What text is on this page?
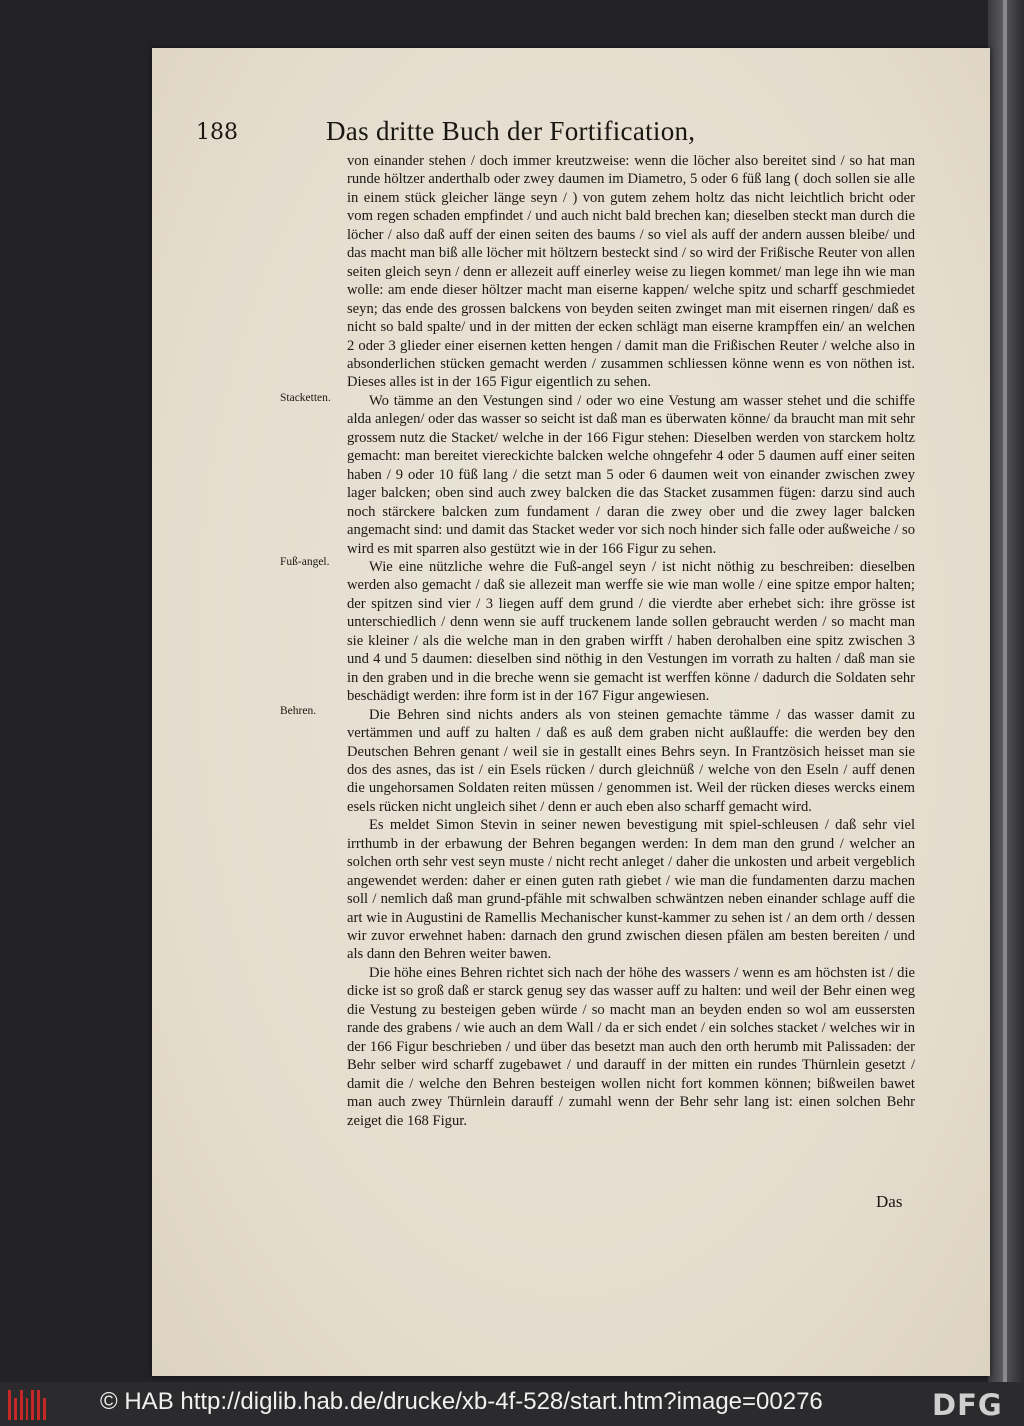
188	Das dritte Buch der Fortification,
Stacketten.
Fuß-angel.
Behren.

von einander stehen / doch immer kreutzweise: wenn die löcher also bereitet sind / so hat man runde höltzer anderthalb oder zwey daumen im Diametro, 5 oder 6 füß lang ( doch sollen sie alle in einem stück gleicher länge seyn / ) von gutem zehem holtz das nicht leichtlich bricht oder vom regen schaden empfindet / und auch nicht bald brechen kan; dieselben steckt man durch die löcher / also daß auff der einen seiten des baums / so viel als auff der andern aussen bleibe/ und das macht man biß alle löcher mit höltzern besteckt sind / so wird der Frißische Reuter von allen seiten gleich seyn / denn er allezeit auff einerley weise zu liegen kommet/ man lege ihn wie man wolle: am ende dieser höltzer macht man eiserne kappen/ welche spitz und scharff geschmiedet seyn; das ende des grossen balckens von beyden seiten zwinget man mit eisernen ringen/ daß es nicht so bald spalte/ und in der mitten der ecken schlägt man eiserne krampffen ein/ an welchen 2 oder 3 glieder einer eisernen ketten hengen / damit man die Frißischen Reuter / welche also in absonderlichen stücken gemacht werden / zusammen schliessen könne wenn es von nöthen ist. Dieses alles ist in der 165 Figur eigentlich zu sehen.

Wo tämme an den Vestungen sind / oder wo eine Vestung am wasser stehet und die schiffe alda anlegen/ oder das wasser so seicht ist daß man es überwaten könne/ da braucht man mit sehr grossem nutz die Stacket/ welche in der 166 Figur stehen: Dieselben werden von starckem holtz gemacht: man bereitet viereckichte balcken welche ohngefehr 4 oder 5 daumen auff einer seiten haben / 9 oder 10 füß lang / die setzt man 5 oder 6 daumen weit von einander zwischen zwey lager balcken; oben sind auch zwey balcken die das Stacket zusammen fügen: darzu sind auch noch stärckere balcken zum fundament / daran die zwey ober und die zwey lager balcken angemacht sind: und damit das Stacket weder vor sich noch hinder sich falle oder außweiche / so wird es mit sparren also gestützt wie in der 166 Figur zu sehen.

Wie eine nützliche wehre die Fuß-angel seyn / ist nicht nöthig zu beschreiben: dieselben werden also gemacht / daß sie allezeit man werffe sie wie man wolle / eine spitze empor halten; der spitzen sind vier / 3 liegen auff dem grund / die vierdte aber erhebet sich: ihre grösse ist unterschiedlich / denn wenn sie auff truckenem lande sollen gebraucht werden / so macht man sie kleiner / als die welche man in den graben wirfft / haben derohalben eine spitz zwischen 3 und 4 und 5 daumen: dieselben sind nöthig in den Vestungen im vorrath zu halten / daß man sie in den graben und in die breche wenn sie gemacht ist werffen könne / dadurch die Soldaten sehr beschädigt werden: ihre form ist in der 167 Figur angewiesen.

Die Behren sind nichts anders als von steinen gemachte tämme / das wasser damit zu vertämmen und auff zu halten / daß es auß dem graben nicht außlauffe: die werden bey den Deutschen Behren genant / weil sie in gestallt eines Behrs seyn. In Frantzösich heisset man sie dos des asnes, das ist / ein Esels rücken / durch gleichnüß / welche von den Eseln / auff denen die ungehorsamen Soldaten reiten müssen / genommen ist. Weil der rücken dieses wercks einem esels rücken nicht ungleich sihet / denn er auch eben also scharff gemacht wird.

Es meldet Simon Stevin in seiner newen bevestigung mit spiel-schleusen / daß sehr viel irrthumb in der erbawung der Behren begangen werden: In dem man den grund / welcher an solchen orth sehr vest seyn muste / nicht recht anleget / daher die unkosten und arbeit vergeblich angewendet werden: daher er einen guten rath giebet / wie man die fundamenten darzu machen soll / nemlich daß man grund-pfähle mit schwalben schwäntzen neben einander schlage auff die art wie in Augustini de Ramellis Mechanischer kunst-kammer zu sehen ist / an dem orth / dessen wir zuvor erwehnet haben: darnach den grund zwischen diesen pfälen am besten bereiten / und als dann den Behren weiter bawen.

Die höhe eines Behren richtet sich nach der höhe des wassers / wenn es am höchsten ist / die dicke ist so groß daß er starck genug sey das wasser auff zu halten: und weil der Behr einen weg die Vestung zu besteigen geben würde / so macht man an beyden enden so wol am eussersten rande des grabens / wie auch an dem Wall / da er sich endet / ein solches stacket / welches wir in der 166 Figur beschrieben / und über das besetzt man auch den orth herumb mit Palissaden: der Behr selber wird scharff zugebawet / und darauff in der mitten ein rundes Thürnlein gesetzt / damit die / welche den Behren besteigen wollen nicht fort kommen können; bißweilen bawet man auch zwey Thürnlein darauff / zumahl wenn der Behr sehr lang ist: einen solchen Behr zeiget die 168 Figur.

Das
© HAB http://diglib.hab.de/drucke/xb-4f-528/start.htm?image=00276	DFG
